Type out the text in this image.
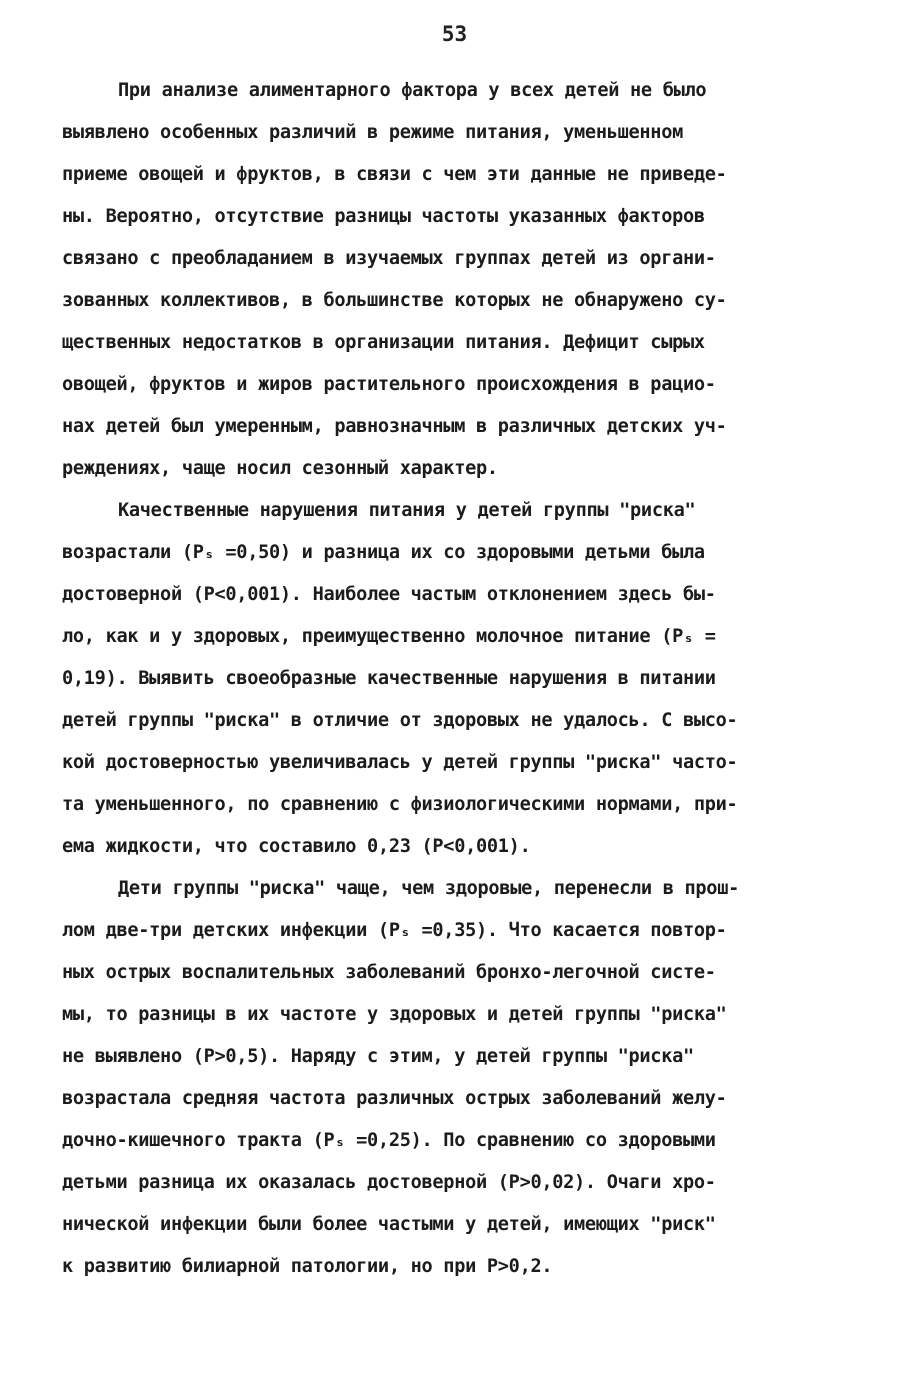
53
При анализе алиментарного фактора у всех детей не было
выявлено особенных различий в режиме питания, уменьшенном
приеме овощей и фруктов, в связи с чем эти данные не приведе-
ны. Вероятно, отсутствие разницы частоты указанных факторов
связано с преобладанием в изучаемых группах детей из органи-
зованных коллективов, в большинстве которых не обнаружено су-
щественных недостатков в организации питания. Дефицит сырых
овощей, фруктов и жиров растительного происхождения в рацио-
нах детей был умеренным, равнозначным в различных детских уч-
реждениях, чаще носил сезонный характер.
Качественные нарушения питания у детей группы "риска"
возрастали (Pₛ =0,50) и разница их со здоровыми детьми была
достоверной (P<0,001). Наиболее частым отклонением здесь бы-
ло, как и у здоровых, преимущественно молочное питание (Pₛ =
0,19). Выявить своеобразные качественные нарушения в питании
детей группы "риска" в отличие от здоровых не удалось. С высо-
кой достоверностью увеличивалась у детей группы "риска" часто-
та уменьшенного, по сравнению с физиологическими нормами, при-
ема жидкости, что составило 0,23 (P<0,001).
Дети группы "риска" чаще, чем здоровые, перенесли в прош-
лом две-три детских инфекции (Pₛ =0,35). Что касается повтор-
ных острых воспалительных заболеваний бронхо-легочной систе-
мы, то разницы в их частоте у здоровых и детей группы "риска"
не выявлено (P>0,5). Наряду с этим, у детей группы "риска"
возрастала средняя частота различных острых заболеваний желу-
дочно-кишечного тракта (Pₛ =0,25). По сравнению со здоровыми
детьми разница их оказалась достоверной (P>0,02). Очаги хро-
нической инфекции были более частыми у детей, имеющих "риск"
к развитию билиарной патологии, но при P>0,2.
